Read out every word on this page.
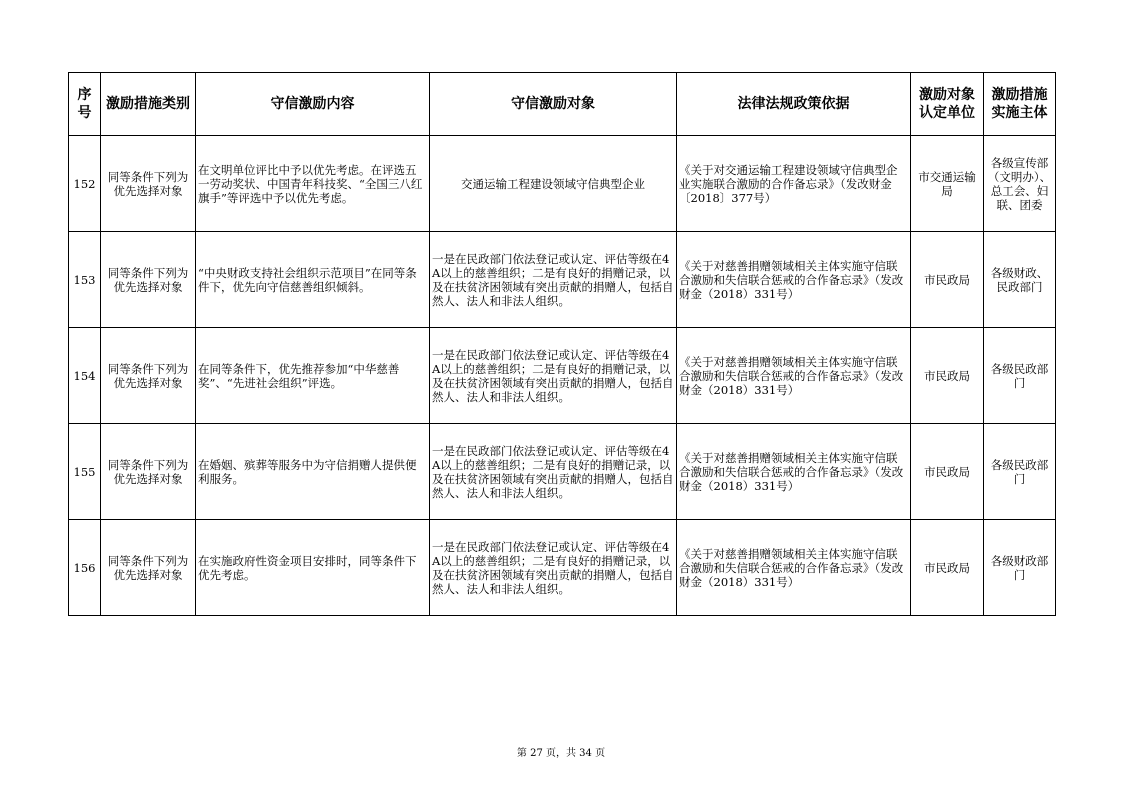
序号	激励措施类别	守信激励内容	守信激励对象	法律法规政策依据	激励对象认定单位	激励措施实施主体
152	同等条件下列为优先选择对象	在文明单位评比中予以优先考虑。在评选五一劳动奖状、中国青年科技奖、“全国三八红旗手”等评选中予以优先考虑。	交通运输工程建设领域守信典型企业	《关于对交通运输工程建设领域守信典型企业实施联合激励的合作备忘录》（发改财金〔2018〕377号）	市交通运输局	各级宣传部（文明办）、总工会、妇联、团委
153	同等条件下列为优先选择对象	“中央财政支持社会组织示范项目”在同等条件下，优先向守信慈善组织倾斜。	一是在民政部门依法登记或认定、评估等级在4A以上的慈善组织；二是有良好的捐赠记录，以及在扶贫济困领域有突出贡献的捐赠人，包括自然人、法人和非法人组织。	《关于对慈善捐赠领域相关主体实施守信联合激励和失信联合惩戒的合作备忘录》（发改财金（2018）331号）	市民政局	各级财政、民政部门
154	同等条件下列为优先选择对象	在同等条件下，优先推荐参加“中华慈善奖”、“先进社会组织”评选。	一是在民政部门依法登记或认定、评估等级在4A以上的慈善组织；二是有良好的捐赠记录，以及在扶贫济困领域有突出贡献的捐赠人，包括自然人、法人和非法人组织。	《关于对慈善捐赠领域相关主体实施守信联合激励和失信联合惩戒的合作备忘录》（发改财金（2018）331号）	市民政局	各级民政部门
155	同等条件下列为优先选择对象	在婚姻、殡葬等服务中为守信捐赠人提供便利服务。	一是在民政部门依法登记或认定、评估等级在4A以上的慈善组织；二是有良好的捐赠记录，以及在扶贫济困领域有突出贡献的捐赠人，包括自然人、法人和非法人组织。	《关于对慈善捐赠领域相关主体实施守信联合激励和失信联合惩戒的合作备忘录》（发改财金（2018）331号）	市民政局	各级民政部门
156	同等条件下列为优先选择对象	在实施政府性资金项目安排时，同等条件下优先考虑。	一是在民政部门依法登记或认定、评估等级在4A以上的慈善组织；二是有良好的捐赠记录，以及在扶贫济困领域有突出贡献的捐赠人，包括自然人、法人和非法人组织。	《关于对慈善捐赠领域相关主体实施守信联合激励和失信联合惩戒的合作备忘录》（发改财金（2018）331号）	市民政局	各级财政部门
第 27 页，共 34 页
